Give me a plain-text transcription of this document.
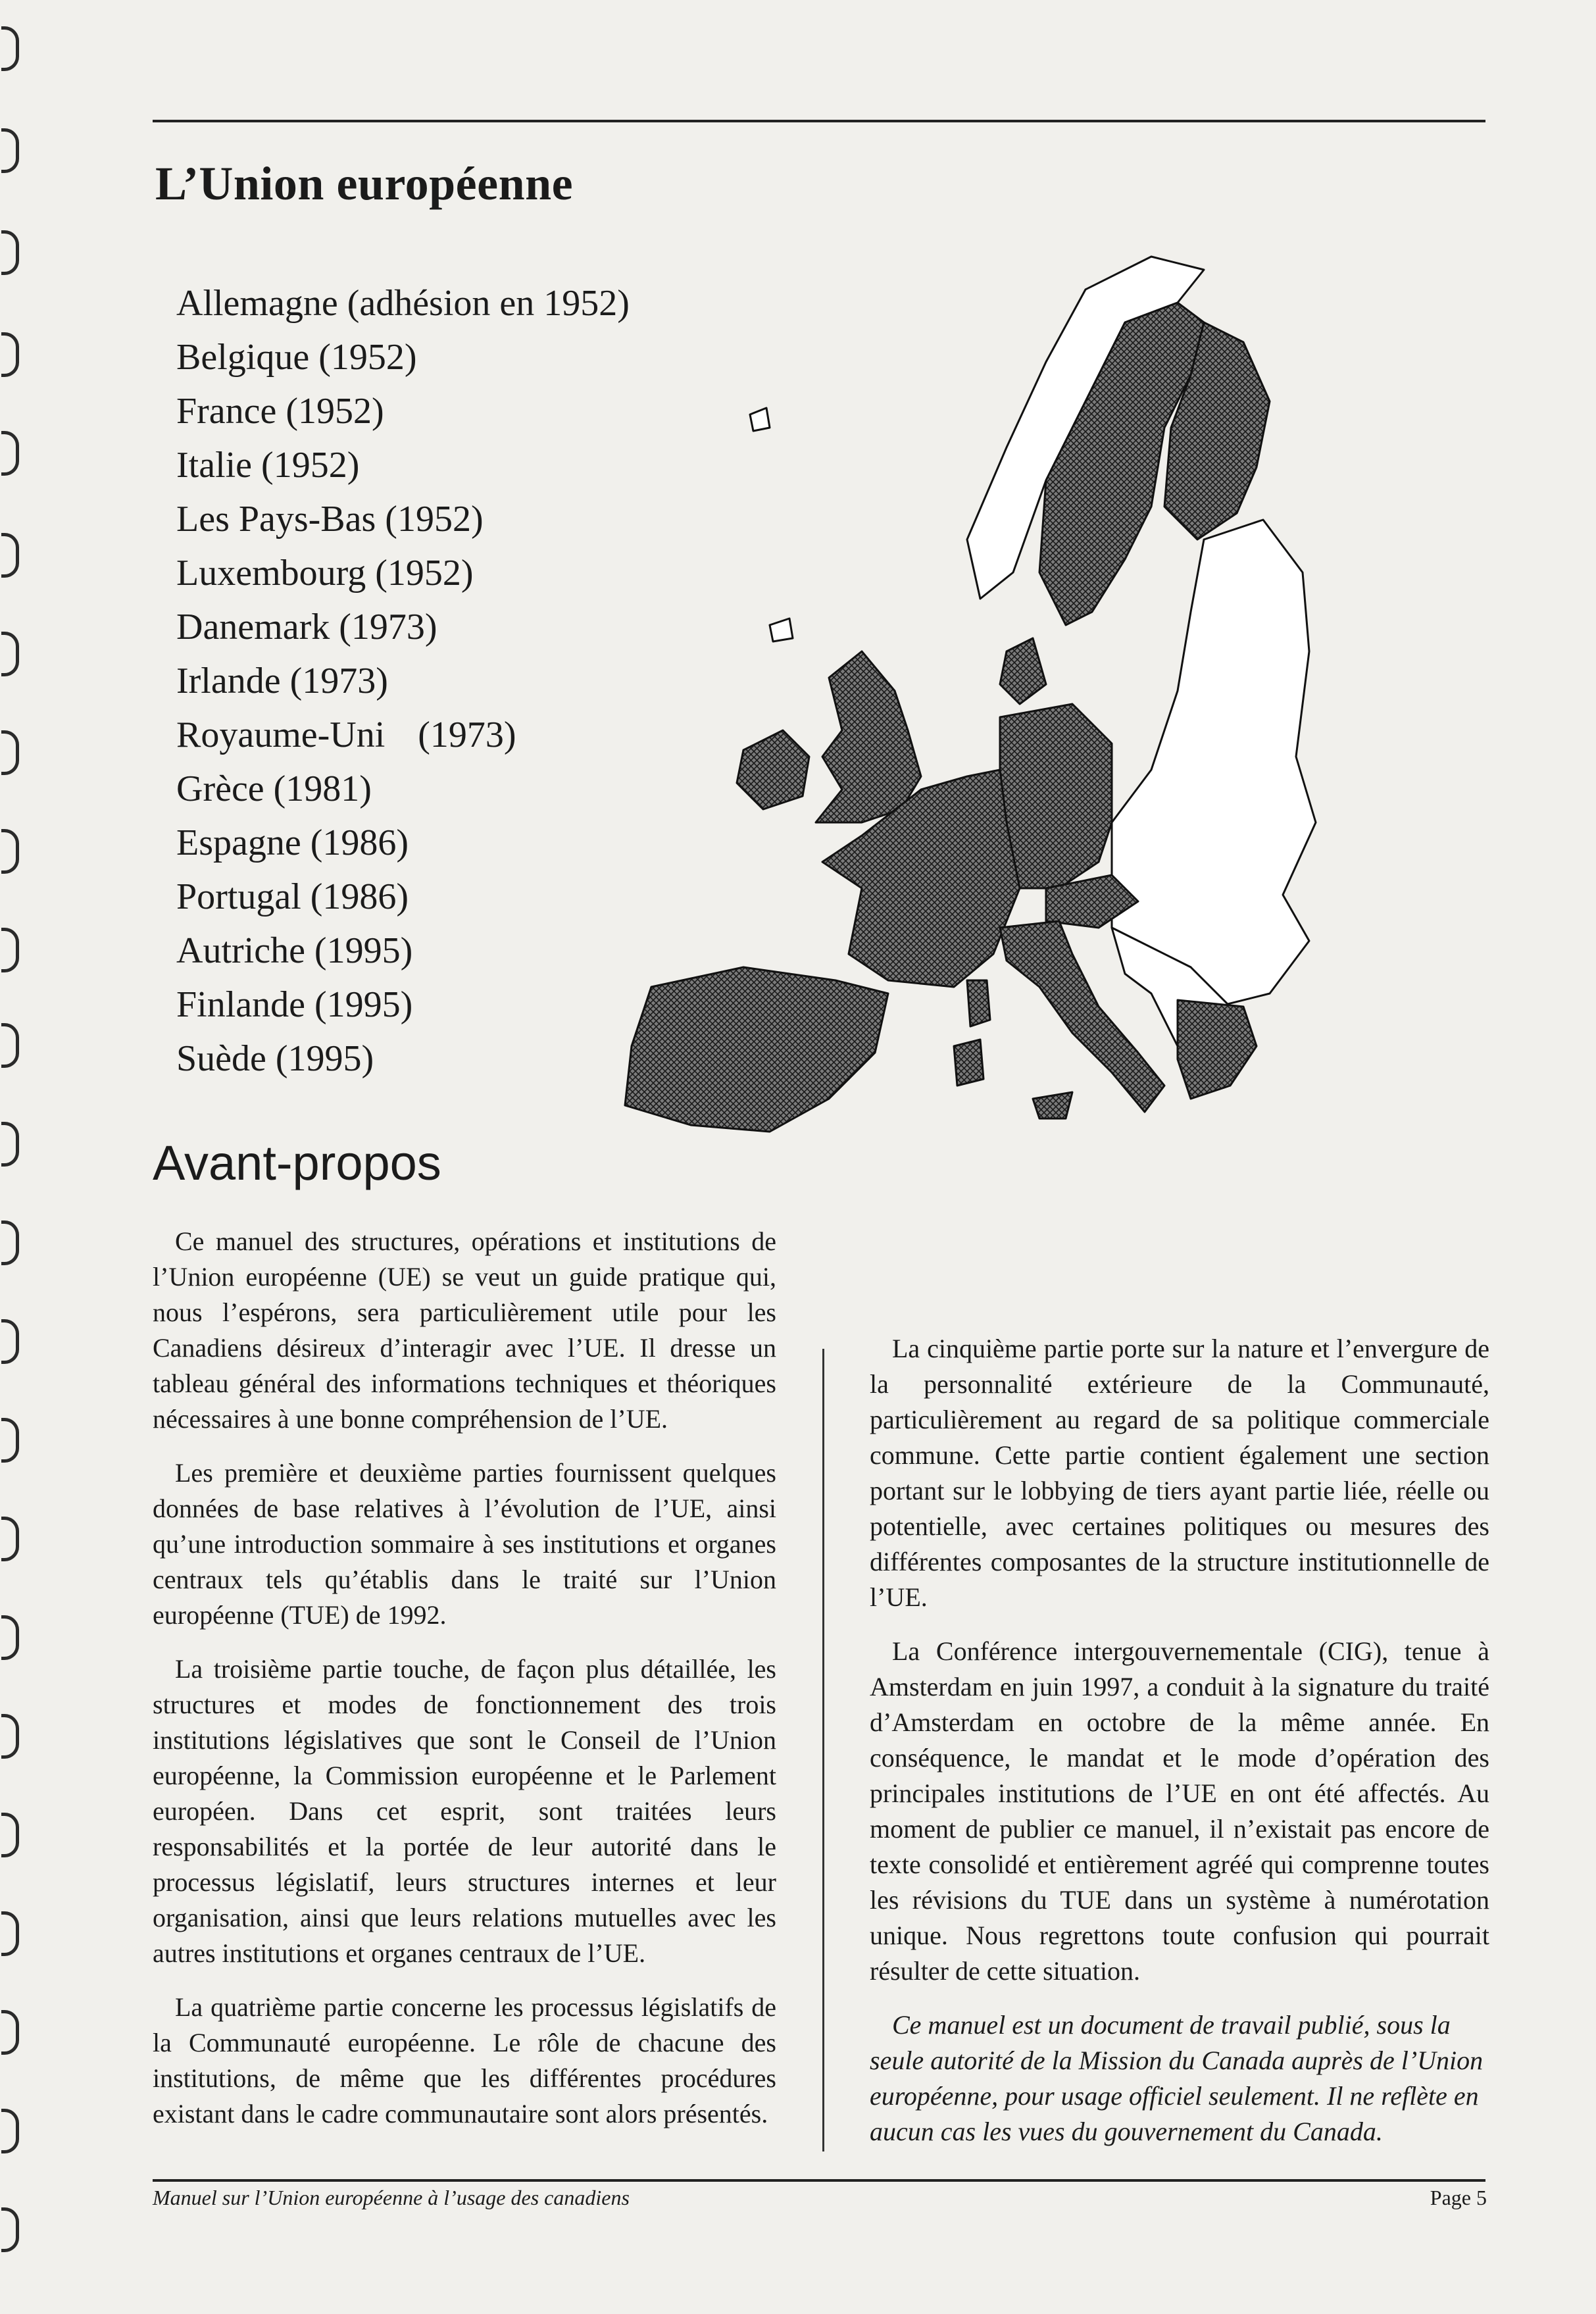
L’Union européenne
Allemagne (adhésion en 1952)
Belgique (1952)
France (1952)
Italie (1952)
Les Pays-Bas (1952)
Luxembourg (1952)
Danemark (1973)
Irlande (1973)
Royaume-Uni (1973)
Grèce (1981)
Espagne (1986)
Portugal (1986)
Autriche (1995)
Finlande (1995)
Suède (1995)
Avant-propos

Ce manuel des structures, opérations et institutions de l’Union européenne (UE) se veut un guide pratique qui, nous l’espérons, sera particulièrement utile pour les Canadiens désireux d’interagir avec l’UE. Il dresse un tableau général des informations techniques et théoriques nécessaires à une bonne compréhension de l’UE.

Les première et deuxième parties fournissent quelques données de base relatives à l’évolution de l’UE, ainsi qu’une introduction sommaire à ses institutions et organes centraux tels qu’établis dans le traité sur l’Union européenne (TUE) de 1992.

La troisième partie touche, de façon plus détaillée, les structures et modes de fonctionnement des trois institutions législatives que sont le Conseil de l’Union européenne, la Commission européenne et le Parlement européen. Dans cet esprit, sont traitées leurs responsabilités et la portée de leur autorité dans le processus législatif, leurs structures internes et leur organisation, ainsi que leurs relations mutuelles avec les autres institutions et organes centraux de l’UE.

La quatrième partie concerne les processus législatifs de la Communauté européenne. Le rôle de chacune des institutions, de même que les différentes procédures existant dans le cadre communautaire sont alors présentés.

La cinquième partie porte sur la nature et l’envergure de la personnalité extérieure de la Communauté, particulièrement au regard de sa politique commerciale commune. Cette partie contient également une section portant sur le lobbying de tiers ayant partie liée, réelle ou potentielle, avec certaines politiques ou mesures des différentes composantes de la structure institutionnelle de l’UE.

La Conférence intergouvernementale (CIG), tenue à Amsterdam en juin 1997, a conduit à la signature du traité d’Amsterdam en octobre de la même année. En conséquence, le mandat et le mode d’opération des principales institutions de l’UE en ont été affectés. Au moment de publier ce manuel, il n’existait pas encore de texte consolidé et entièrement agréé qui comprenne toutes les révisions du TUE dans un système à numérotation unique. Nous regrettons toute confusion qui pourrait résulter de cette situation.

Ce manuel est un document de travail publié, sous la seule autorité de la Mission du Canada auprès de l’Union européenne, pour usage officiel seulement. Il ne reflète en aucun cas les vues du gouvernement du Canada.

Manuel sur l’Union européenne à l’usage des canadiens	Page 5
